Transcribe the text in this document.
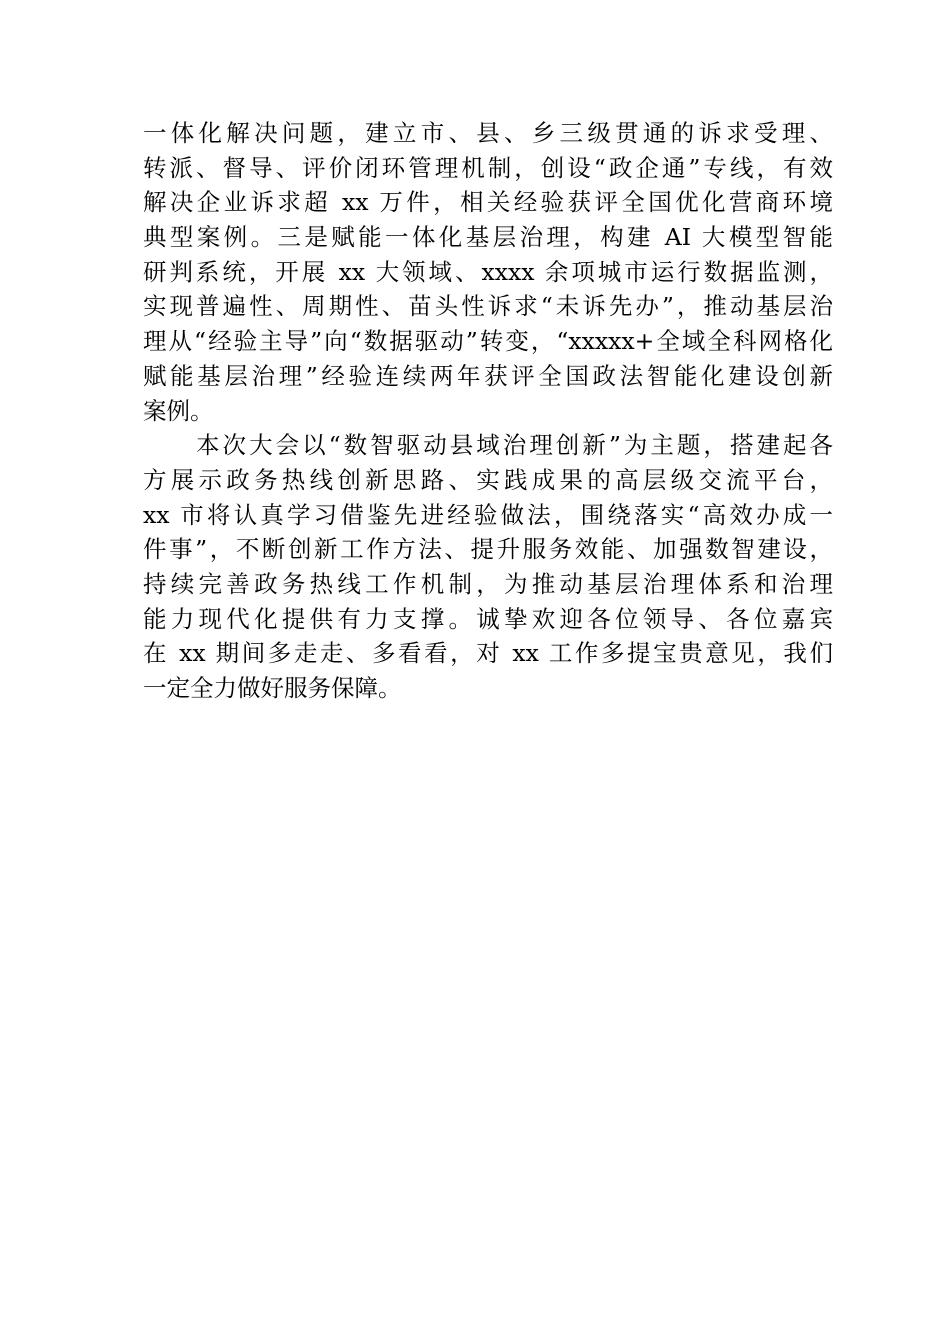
一体化解决问题，建立市、县、乡三级贯通的诉求受理、
转派、督导、评价闭环管理机制，创设“政企通”专线，有效
解决企业诉求超 xx 万件，相关经验获评全国优化营商环境
典型案例。三是赋能一体化基层治理，构建 AI 大模型智能
研判系统，开展 xx 大领域、xxxx 余项城市运行数据监测，
实现普遍性、周期性、苗头性诉求“未诉先办”，推动基层治
理从“经验主导”向“数据驱动”转变，“xxxxx+全域全科网格化
赋能基层治理”经验连续两年获评全国政法智能化建设创新
案例。
　　本次大会以“数智驱动县域治理创新”为主题，搭建起各
方展示政务热线创新思路、实践成果的高层级交流平台，
xx 市将认真学习借鉴先进经验做法，围绕落实“高效办成一
件事”，不断创新工作方法、提升服务效能、加强数智建设，
持续完善政务热线工作机制，为推动基层治理体系和治理
能力现代化提供有力支撑。诚挚欢迎各位领导、各位嘉宾
在 xx 期间多走走、多看看，对 xx 工作多提宝贵意见，我们
一定全力做好服务保障。
